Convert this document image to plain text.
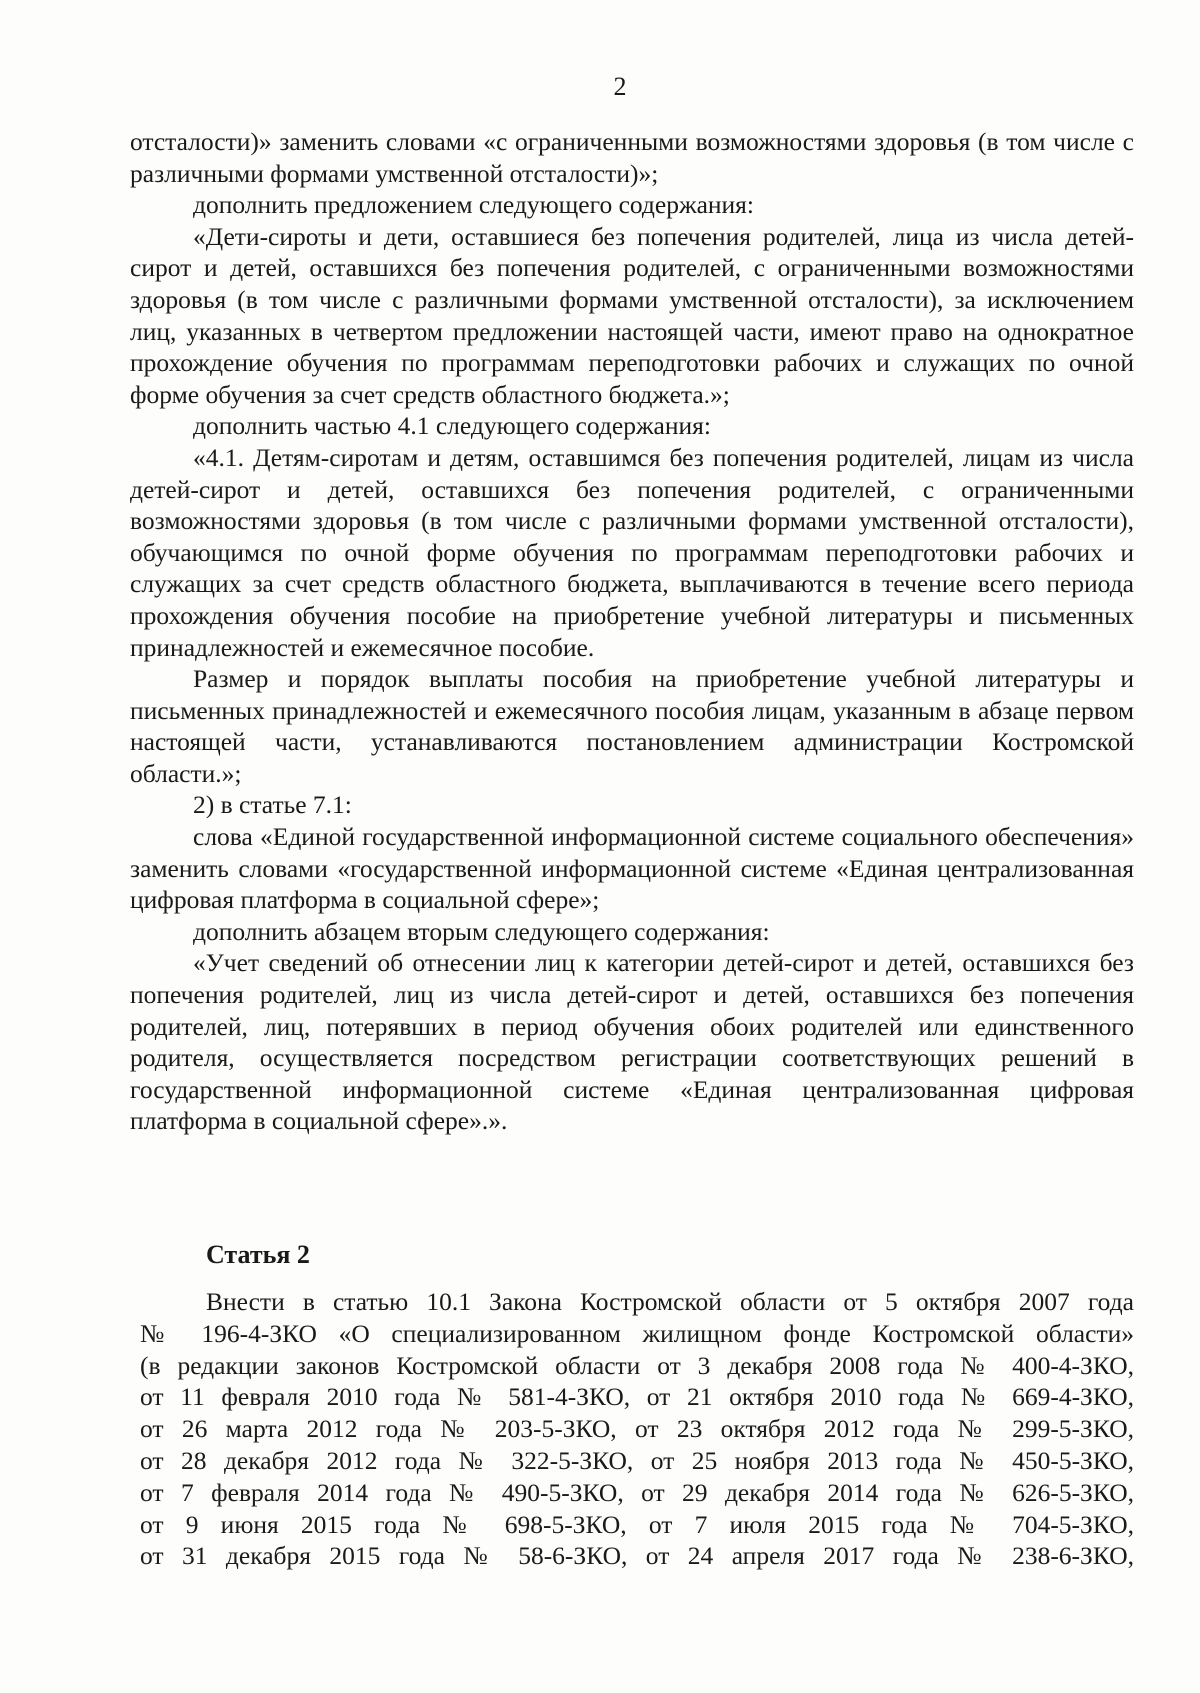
2

отсталости)» заменить словами «с ограниченными возможностями здоровья (в том числе с различными формами умственной отсталости)»;

дополнить предложением следующего содержания:

«Дети-сироты и дети, оставшиеся без попечения родителей, лица из числа детей-сирот и детей, оставшихся без попечения родителей, с ограниченными возможностями здоровья (в том числе с различными формами умственной отсталости), за исключением лиц, указанных в четвертом предложении настоящей части, имеют право на однократное прохождение обучения по программам переподготовки рабочих и служащих по очной форме обучения за счет средств областного бюджета.»;

дополнить частью 4.1 следующего содержания:

«4.1. Детям-сиротам и детям, оставшимся без попечения родителей, лицам из числа детей-сирот и детей, оставшихся без попечения родителей, с ограниченными возможностями здоровья (в том числе с различными формами умственной отсталости), обучающимся по очной форме обучения по программам переподготовки рабочих и служащих за счет средств областного бюджета, выплачиваются в течение всего периода прохождения обучения пособие на приобретение учебной литературы и письменных принадлежностей и ежемесячное пособие.

Размер и порядок выплаты пособия на приобретение учебной литературы и письменных принадлежностей и ежемесячного пособия лицам, указанным в абзаце первом настоящей части, устанавливаются постановлением администрации Костромской области.»;

2) в статье 7.1:

слова «Единой государственной информационной системе социального обеспечения» заменить словами «государственной информационной системе «Единая централизованная цифровая платформа в социальной сфере»;

дополнить абзацем вторым следующего содержания:

«Учет сведений об отнесении лиц к категории детей-сирот и детей, оставшихся без попечения родителей, лиц из числа детей-сирот и детей, оставшихся без попечения родителей, лиц, потерявших в период обучения обоих родителей или единственного родителя, осуществляется посредством регистрации соответствующих решений в государственной информационной системе «Единая централизованная цифровая платформа в социальной сфере».».

Статья 2

Внести в статью 10.1 Закона Костромской области от 5 октября 2007 года

№ 196-4-ЗКО «О специализированном жилищном фонде Костромской области»

(в редакции законов Костромской области от 3 декабря 2008 года № 400-4-ЗКО,

от 11 февраля 2010 года № 581-4-ЗКО, от 21 октября 2010 года № 669-4-ЗКО,

от 26 марта 2012 года № 203-5-ЗКО, от 23 октября 2012 года № 299-5-ЗКО,

от 28 декабря 2012 года № 322-5-ЗКО, от 25 ноября 2013 года № 450-5-ЗКО,

от 7 февраля 2014 года № 490-5-ЗКО, от 29 декабря 2014 года № 626-5-ЗКО,

от 9 июня 2015 года № 698-5-ЗКО, от 7 июля 2015 года № 704-5-ЗКО,

от 31 декабря 2015 года № 58-6-ЗКО, от 24 апреля 2017 года № 238-6-ЗКО,
